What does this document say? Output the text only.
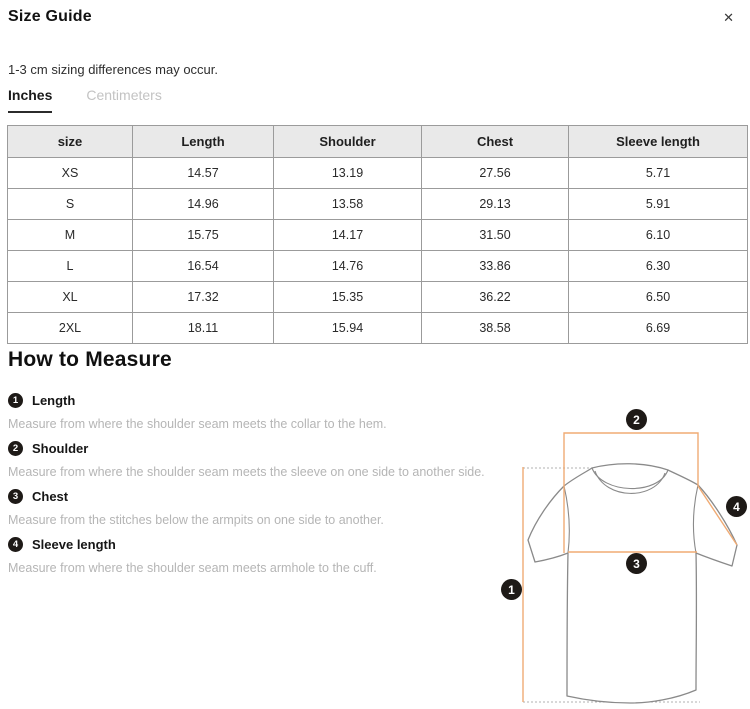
Size Guide	✕

1-3 cm sizing differences may occur.

Inches Centimeters
size	Length	Shoulder	Chest	Sleeve length
XS	14.57	13.19	27.56	5.71
S	14.96	13.58	29.13	5.91
M	15.75	14.17	31.50	6.10
L	16.54	14.76	33.86	6.30
XL	17.32	15.35	36.22	6.50
2XL	18.11	15.94	38.58	6.69
How to Measure
1	Length

Measure from where the shoulder seam meets the collar to the hem.

2	Shoulder

Measure from where the shoulder seam meets the sleeve on one side to another side.

3	Chest

Measure from the stitches below the armpits on one side to another.

4	Sleeve length

Measure from where the shoulder seam meets armhole to the cuff.

1
2
3
4
